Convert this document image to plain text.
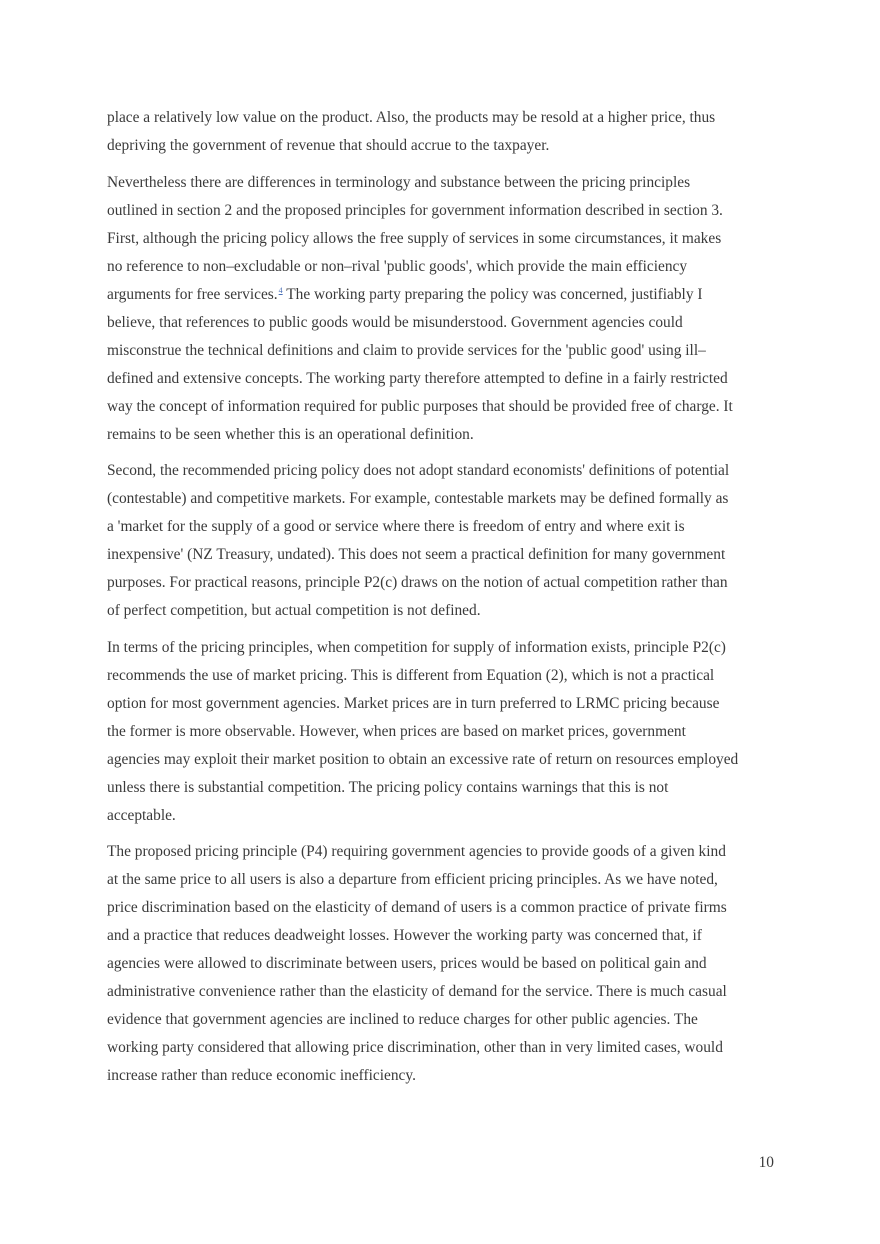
place a relatively low value on the product. Also, the products may be resold at a higher price, thus
depriving the government of revenue that should accrue to the taxpayer.

Nevertheless there are differences in terminology and substance between the pricing principles
outlined in section 2 and the proposed principles for government information described in section 3.
First, although the pricing policy allows the free supply of services in some circumstances, it makes
no reference to non–excludable or non–rival 'public goods', which provide the main efficiency
arguments for free services.$^4$ The working party preparing the policy was concerned, justifiably I
believe, that references to public goods would be misunderstood. Government agencies could
misconstrue the technical definitions and claim to provide services for the 'public good' using ill–
defined and extensive concepts. The working party therefore attempted to define in a fairly restricted
way the concept of information required for public purposes that should be provided free of charge. It
remains to be seen whether this is an operational definition.

Second, the recommended pricing policy does not adopt standard economists' definitions of potential
(contestable) and competitive markets. For example, contestable markets may be defined formally as
a 'market for the supply of a good or service where there is freedom of entry and where exit is
inexpensive' (NZ Treasury, undated). This does not seem a practical definition for many government
purposes. For practical reasons, principle P2(c) draws on the notion of actual competition rather than
of perfect competition, but actual competition is not defined.

In terms of the pricing principles, when competition for supply of information exists, principle P2(c)
recommends the use of market pricing. This is different from Equation (2), which is not a practical
option for most government agencies. Market prices are in turn preferred to LRMC pricing because
the former is more observable. However, when prices are based on market prices, government
agencies may exploit their market position to obtain an excessive rate of return on resources employed
unless there is substantial competition. The pricing policy contains warnings that this is not
acceptable.

The proposed pricing principle (P4) requiring government agencies to provide goods of a given kind
at the same price to all users is also a departure from efficient pricing principles. As we have noted,
price discrimination based on the elasticity of demand of users is a common practice of private firms
and a practice that reduces deadweight losses. However the working party was concerned that, if
agencies were allowed to discriminate between users, prices would be based on political gain and
administrative convenience rather than the elasticity of demand for the service. There is much casual
evidence that government agencies are inclined to reduce charges for other public agencies. The
working party considered that allowing price discrimination, other than in very limited cases, would
increase rather than reduce economic inefficiency.

10
